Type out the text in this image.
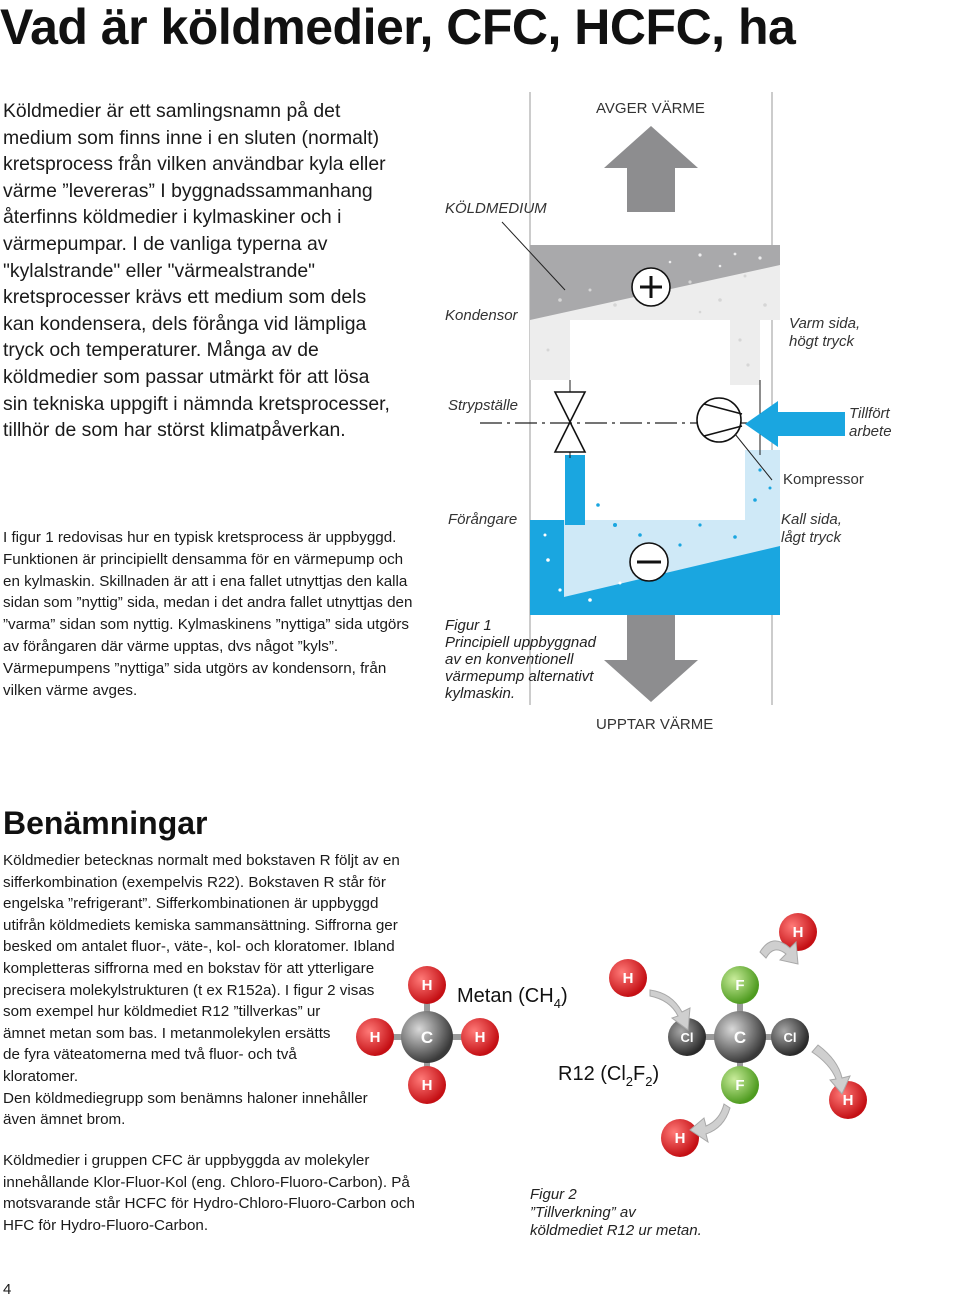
Vad är köldmedier, CFC, HCFC, ha

Köldmedier är ett samlingsnamn på det medium som finns inne i en sluten (normalt) kretsprocess från vilken användbar kyla eller värme ”levereras” I byggnadssammanhang återfinns köldmedier i kylmaskiner och i värmepumpar. I de vanliga typerna av "kylalstrande" eller "värmealstrande" kretsprocesser krävs ett medium som dels kan kondensera, dels förånga vid lämpliga tryck och temperaturer. Många av de köldmedier som passar utmärkt för att lösa sin tekniska uppgift i nämnda kretsprocesser, tillhör de som har störst klimatpåverkan.

I figur 1 redovisas hur en typisk kretsprocess är uppbyggd. Funktionen är principiellt densamma för en värmepump och en kylmaskin. Skillnaden är att i ena fallet utnyttjas den kalla sidan som ”nyttig” sida, medan i det andra fallet utnyttjas den ”varma” sidan som nyttig. Kylmaskinens ”nyttiga” sida utgörs av förångaren där värme upptas, dvs något ”kyls”. Värmepumpens ”nyttiga” sida utgörs av kondensorn, från vilken värme avges.

AVGER VÄRME
KÖLDMEDIUM
Kondensor
Strypställe
Förångare
Varm sida,
högt tryck
Tillfört
arbete
Kompressor
Kall sida,
lågt tryck
UPPTAR VÄRME
Figur 1
Principiell uppbyggnad
av en konventionell
värmepump alternativt
kylmaskin.
Benämningar
Köldmedier betecknas normalt med bokstaven R följt av en
sifferkombination (exempelvis R22). Bokstaven R står för
engelska ”refrigerant”. Sifferkombinationen är uppbyggd
utifrån köldmediets kemiska sammansättning. Siffrorna ger
besked om antalet fluor-, väte-, kol- och kloratomer. Ibland
kompletteras siffrorna med en bokstav för att ytterligare
precisera molekylstrukturen (t ex R152a). I figur 2 visas
som exempel hur köldmediet R12 ”tillverkas” ur
ämnet metan som bas. I metanmolekylen ersätts
de fyra väteatomerna med två fluor- och två
kloratomer.
Den köldmediegrupp som benämns haloner innehåller
även ämnet brom.

Köldmedier i gruppen CFC är uppbyggda av molekyler innehållande Klor-Fluor-Kol (eng. Chloro-Fluoro-Carbon). På motsvarande står HCFC för Hydro-Chloro-Fluoro-Carbon och HFC för Hydro-Fluoro-Carbon.

H
H
H	H
C
F
F
Cl	Cl
C
H
H
H
H
Metan $(CH_4)$
R12 $(Cl_2F_2)$
Figur 2
”Tillverkning” av
köldmediet R12 ur metan.
4
